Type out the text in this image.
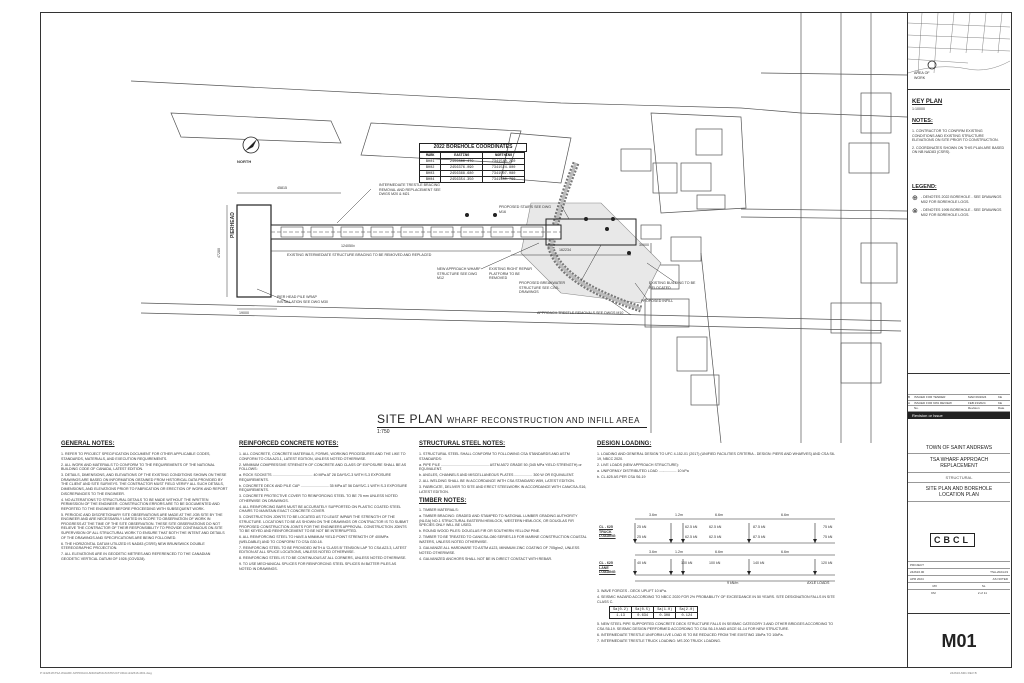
NORTH
PIERHEAD
45815
47280
19000
124050±
162234
30600
INTERMEDIATE TRESTLE BRACING REMOVAL AND REPLACEMENT SEE DWGS M20 & M21
EXISTING INTERMEDIATE STRUCTURE BRACING TO BE REMOVED AND REPLACED
NEW APPROACH WHARF STRUCTURE SEE DWG M12
EXISTING RIGHT REPAIR PLATFORM TO BE REMOVED
PROPOSED STAIRS SEE DWG M16
PROPOSED BREAKWATER STRUCTURE SEE CIVIL DRAWINGS
APPROACH TRESTLE REMOVALS SEE DWGS M10
EXISTING BUILDING TO BE RELOCATED
PROPOSED INFILL
PIER HEAD PILE WRAP INSTALLATION SEE DWG M30
2022 BOREHOLE COORDINATES
MARK	EASTING	NORTHING
BH01	2456386.470	7341540.250
BH02	2456376.090	7341524.800
BH03	2456368.680	7341507.080
BH04	2456354.350	7341480.790
SITE PLAN WHARF RECONSTRUCTION AND INFILL AREA
1:750
GENERAL NOTES:

1. REFER TO PROJECT SPECIFICATION DOCUMENT FOR OTHER APPLICABLE CODES, STANDARDS, MATERIALS, AND EXECUTION REQUIREMENTS.

2. ALL WORK AND MATERIALS TO CONFORM TO THE REQUIREMENTS OF THE NATIONAL BUILDING CODE OF CANADA, LATEST EDITION.

3. DETAILS, DIMENSIONS, AND ELEVATIONS OF THE EXISTING CONDITIONS SHOWN ON THESE DRAWINGS ARE BASED ON INFORMATION OBTAINED FROM HISTORICAL DATA PROVIDED BY THE CLIENT AND SITE SURVEYS. THE CONTRACTOR MUST FIELD VERIFY ALL SUCH DETAILS, DIMENSIONS, AND ELEVATIONS PRIOR TO FABRICATION OR ERECTION OF WORK AND REPORT DISCREPANCIES TO THE ENGINEER.

4. NO ALTERATIONS TO STRUCTURAL DETAILS TO BE MADE WITHOUT THE WRITTEN PERMISSION OF THE ENGINEER. CONSTRUCTION ERRORS ARE TO BE DOCUMENTED AND REPORTED TO THE ENGINEER BEFORE PROCEEDING WITH SUBSEQUENT WORK.

5. PERIODIC AND DISCRETIONARY SITE OBSERVATIONS ARE MADE AT THE JOB SITE BY THE ENGINEER AND ARE NECESSARILY LIMITED IN SCOPE TO OBSERVATION OF WORK IN PROGRESS AT THE TIME OF THE SITE OBSERVATION. THESE SITE OBSERVATIONS DO NOT RELIEVE THE CONTRACTOR OF THEIR RESPONSIBILITY TO PROVIDE CONTINUOUS ON-SITE SUPERVISION OF ALL STRUCTURAL WORK TO ENSURE THAT BOTH THE INTENT AND DETAILS OF THE DRAWINGS AND SPECIFICATIONS ARE BEING FOLLOWED.

6. THE HORIZONTAL DATUM UTILIZED IS NAD83 (CSRS) NEW BRUNSWICK DOUBLE STEREOGRAPHIC PROJECTION.

7. ALL ELEVATIONS ARE IN GEODETIC METRES AND REFERENCED TO THE CANADIAN GEODETIC VERTICAL DATUM OF 1928 (CGVD28).

REINFORCED CONCRETE NOTES:

1. ALL CONCRETE, CONCRETE MATERIALS, FORMS, WORKING PROCEDURES AND THE LIKE TO CONFORM TO CSA A23.1, LATEST EDITION, UNLESS NOTED OTHERWISE.

2. MINIMUM COMPRESSIVE STRENGTH OF CONCRETE AND CLASS OF EXPOSURE SHALL BE AS FOLLOWS:

a. ROCK SOCKETS ........................................ 40 MPa AT 28 DAYS/C-3 WITH S-3 EXPOSURE REQUIREMENTS.

b. CONCRETE DECK AND PILE CAP ............................ 35 MPa AT 56 DAYS/C-1 WITH S-3 EXPOSURE REQUIREMENTS.

3. CONCRETE PROTECTIVE COVER TO REINFORCING STEEL TO BE 75 mm UNLESS NOTED OTHERWISE ON DRAWINGS.

4. ALL REINFORCING BARS MUST BE ACCURATELY SUPPORTED ON PLASTIC COATED STEEL CHAIRS TO MAINTAIN EXACT CONCRETE COVER.

5. CONSTRUCTION JOINTS TO BE LOCATED AS TO LEAST IMPAIR THE STRENGTH OF THE STRUCTURE. LOCATIONS TO BE AS SHOWN ON THE DRAWINGS OR CONTRACTOR IS TO SUBMIT PROPOSED CONSTRUCTION JOINTS FOR THE ENGINEERS APPROVAL. CONSTRUCTION JOINTS TO BE KEYED AND REINFORCEMENT TO BE NOT BE INTERRUPTED.

6. ALL REINFORCING STEEL TO HAVE A MINIMUM YIELD POINT STRENGTH OF 400MPa (WELDABLE) AND TO CONFORM TO CSA G30.18.

7. REINFORCING STEEL TO BE PROVIDED WITH A 'CLASS B' TENSION LAP TO CSA A23.3, LATEST EDITION AT ALL SPLICE LOCATIONS, UNLESS NOTED OTHERWISE.

8. REINFORCING STEEL IS TO BE CONTINUOUS AT ALL CORNERS, UNLESS NOTED OTHERWISE.

9. TO USE MECHANICAL SPLICES FOR REINFORCING STEEL SPLICES IN BATTER PILES AS NOTED IN DRAWINGS.

STRUCTURAL STEEL NOTES:

1. STRUCTURAL STEEL SHALL CONFORM TO FOLLOWING CSA STANDARDS AND ASTM STANDARDS:

a. PIPE PILE ................................................ ASTM A572 GRADE 50 (345 MPa YIELD STRENGTH) or EQUIVALENT.

b. ANGLES, CHANNELS AND MISCELLANEOUS PLATES .................. 300 W OR EQUIVALENT.

2. ALL WELDING SHALL BE IN ACCORDANCE WITH CSA STANDARD W59, LATEST EDITION.

3. FABRICATE, DELIVER TO SITE AND ERECT STEELWORK IN ACCORDANCE WITH CAN/CSA-S16, LATEST EDITION.

TIMBER NOTES:

1. TIMBER MATERIALS:

a. TIMBER BRACING: GRADED AND STAMPED TO NATIONAL LUMBER GRADING AUTHORITY (NLGA) NO.1 STRUCTURAL EASTERN HEMLOCK, WESTERN HEMLOCK, OR DOUGLAS FIR SPECIES ONLY WILL BE USED.

b. ROUND WOOD PILES: DOUGLAS FIR OR SOUTHERN YELLOW PINE.

2. TIMBER TO BE TREATED TO CAN/CSA-O80 SERIES-15 FOR MARINE CONSTRUCTION COASTAL WATERS, UNLESS NOTED OTHERWISE.

3. GALVANIZE ALL HARDWARE TO ASTM A123, MINIMUM ZINC COATING OF 705g/m2, UNLESS NOTED OTHERWISE.

4. GALVANIZED ANCHORS SHALL NOT BE IN DIRECT CONTACT WITH REBAR.

DESIGN LOADING:

1. LOADING AND GENERAL DESIGN TO UFC 4-152-01 (2017) (UNIFIED FACILITIES CRITERIA - DESIGN: PIERS AND WHARVES) AND CSA S6-19, NBCC 2020.

2. LIVE LOADS (NEW APPROACH STRUCTURE):

a. UNIFORMLY DISTRIBUTED LOAD .................. 10 kPa

b. CL-625 AS PER CSA S6-19

CL - 625 TRUCK LOADING
3.6m	1.2m	6.6m	6.6m
25 kN	62.5 kN	62.5 kN	87.5 kN	75 kN
25 kN	62.5 kN	62.5 kN	87.5 kN	75 kN
CL - 625 LANE LOADING
3.6m	1.2m	6.6m	6.6m
40 kN	100 kN	100 kN	140 kN	120 kN
9 kN/m	AXLE LOADS

3. WAVE FORCES - DECK UPLIFT 10 kPa.

4. SEISMIC HAZARD ACCORDING TO NBCC 2020 FOR 2% PROBABILITY OF EXCEEDANCE IN 50 YEARS. SITE DESIGNATION FALLS IN SITE CLASS C.

Sa(0.2)	Sa(0.5)	Sa(1.0)	Sa(2.0)
1.13	0.634	0.308	0.124

5. NEW STEEL PIPE SUPPORTED CONCRETE DECK STRUCTURE FALLS IN SEISMIC CATEGORY 3 AND OTHER BRIDGES ACCORDING TO CSA S6-19. SEISMIC DESIGN PERFORMED ACCORDING TO CSA S6-19 AND ASCE 61-14 FOR NEW STRUCTURE.

6. INTERMEDIATE TRESTLE UNIFORM LIVE LOAD IS TO BE REDUCED FROM THE EXISTING 15kPa TO 10kPa.

7. INTERMEDIATE TRESTLE TRUCK LOADING: MS 200 TRUCK LOADING.

AREA OF WORK
KEY PLAN
1:10000
NOTES:

1. CONTRACTOR TO CONFIRM EXISTING CONDITIONS AND EXISTING STRUCTURE ELEVATIONS ON SITE PRIOR TO CONSTRUCTION.

2. COORDINATES SHOWN ON THIS PLAN ARE BASED ON NB NAD83 (CSRS).

LEGEND:
⊕ - DENOTES 2022 BOREHOLE - SEE DRAWINGS M02 FOR BOREHOLE LOGS.
⊗ - DENOTES 1995 BOREHOLE - SEE DRAWINGS M02 FOR BOREHOLE LOGS.
B	ISSUED FOR TENDER	MAR 09/2024	KE
A	ISSUED FOR 90% REVIEW	FEB 23/2024	KE
No.	Revision	Date
Revision or Issue
TOWN OF SAINT ANDREWS
TSA WHARF APPROACH REPLACEMENT
STRUCTURAL
SITE PLAN AND BOREHOLE LOCATION PLAN
CBCL
PROJECT
242616.00	TSA-2024-03
APR 2024	AS NOTED
MX	SL
KM	2 of 11
M01
P:\242616\TSA WHARF APPROACH\DRAWINGS\STRUCTURAL\242616-M01.dwg	242616-M01 REV B
